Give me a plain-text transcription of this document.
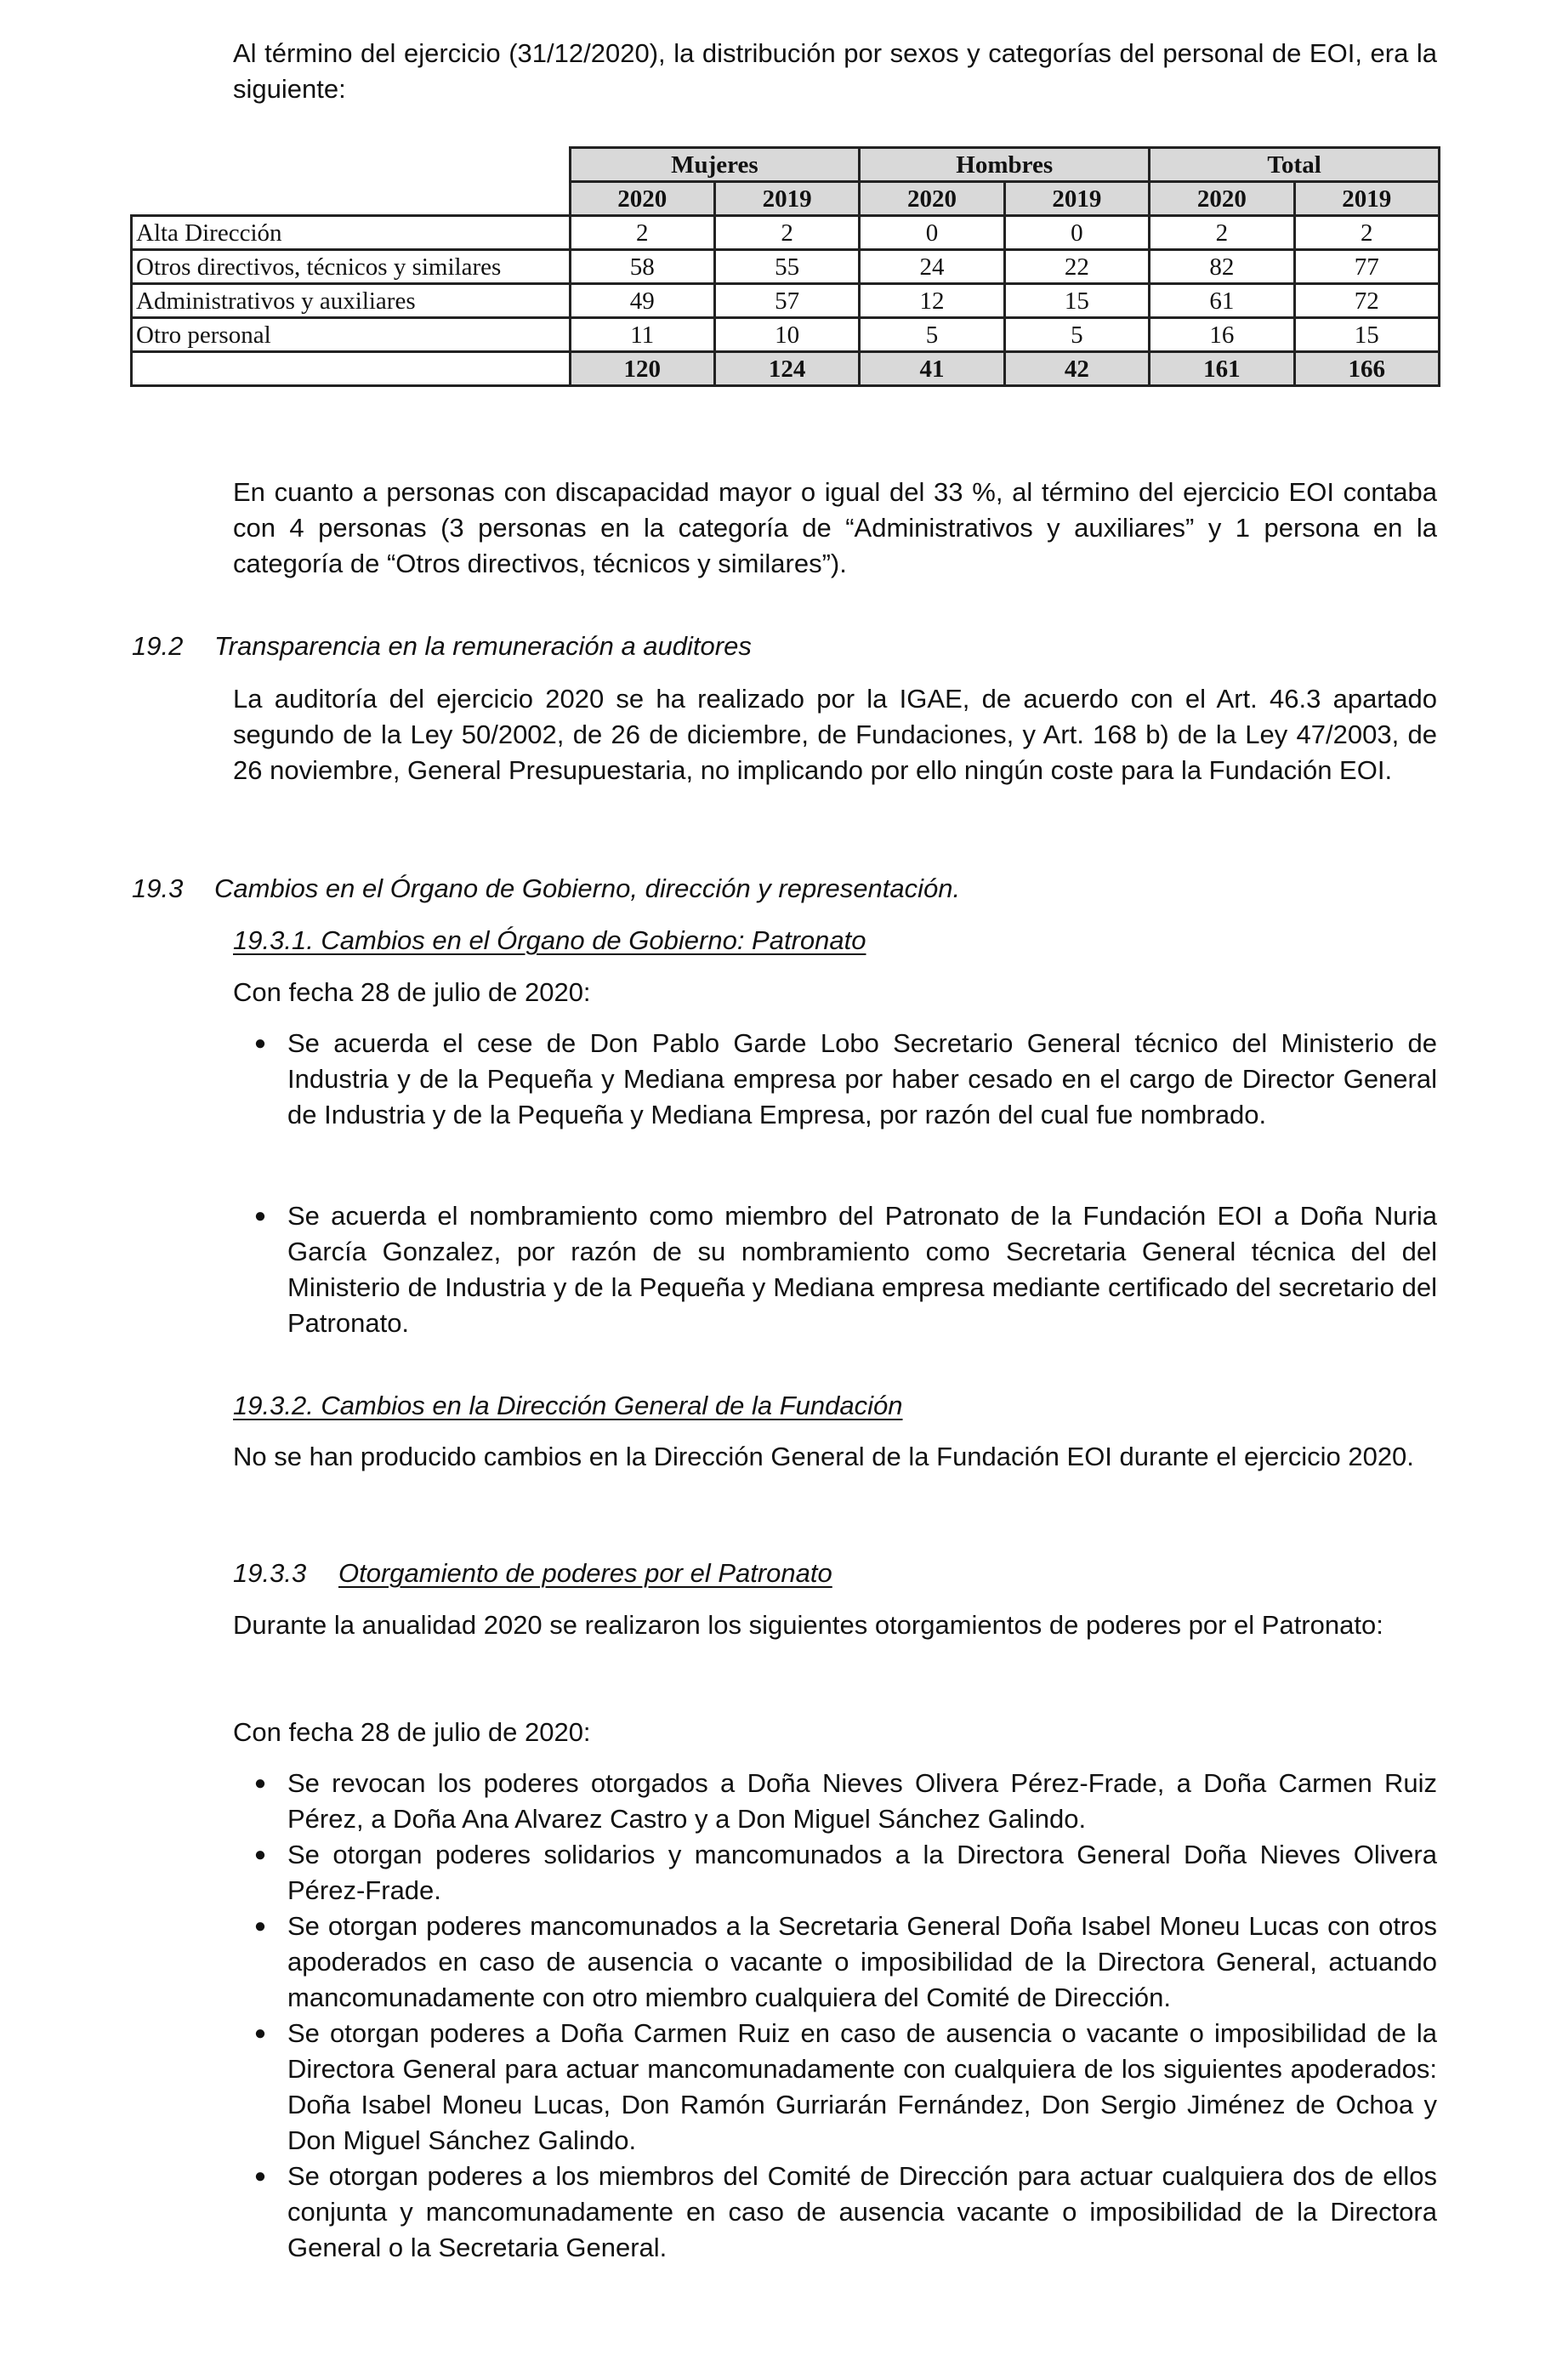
Al término del ejercicio (31/12/2020), la distribución por sexos y categorías del personal de EOI, era la siguiente:

	Mujeres		Hombres		Total	
	2020	2019	2020	2019	2020	2019
Alta Dirección	2	2	0	0	2	2
Otros directivos, técnicos y similares	58	55	24	22	82	77
Administrativos y auxiliares	49	57	12	15	61	72
Otro personal	11	10	5	5	16	15
	120	124	41	42	161	166

En cuanto a personas con discapacidad mayor o igual del 33 %, al término del ejercicio EOI contaba con 4 personas (3 personas en la categoría de “Administrativos y auxiliares” y 1 persona en la categoría de “Otros directivos, técnicos y similares”).

19.2 Transparencia en la remuneración a auditores

La auditoría del ejercicio 2020 se ha realizado por la IGAE, de acuerdo con el Art. 46.3 apartado segundo de la Ley 50/2002, de 26 de diciembre, de Fundaciones, y Art. 168 b) de la Ley 47/2003, de 26 noviembre, General Presupuestaria, no implicando por ello ningún coste para la Fundación EOI.

19.3 Cambios en el Órgano de Gobierno, dirección y representación.

19.3.1. Cambios en el Órgano de Gobierno: Patronato

Con fecha 28 de julio de 2020:

● Se acuerda el cese de Don Pablo Garde Lobo Secretario General técnico del Ministerio de Industria y de la Pequeña y Mediana empresa por haber cesado en el cargo de Director General de Industria y de la Pequeña y Mediana Empresa, por razón del cual fue nombrado.
● Se acuerda el nombramiento como miembro del Patronato de la Fundación EOI a Doña Nuria García Gonzalez, por razón de su nombramiento como Secretaria General técnica del del Ministerio de Industria y de la Pequeña y Mediana empresa mediante certificado del secretario del Patronato.

19.3.2. Cambios en la Dirección General de la Fundación

No se han producido cambios en la Dirección General de la Fundación EOI durante el ejercicio 2020.

19.3.3 Otorgamiento de poderes por el Patronato

Durante la anualidad 2020 se realizaron los siguientes otorgamientos de poderes por el Patronato:

Con fecha 28 de julio de 2020:

● Se revocan los poderes otorgados a Doña Nieves Olivera Pérez-Frade, a Doña Carmen Ruiz Pérez, a Doña Ana Alvarez Castro y a Don Miguel Sánchez Galindo.
● Se otorgan poderes solidarios y mancomunados a la Directora General Doña Nieves Olivera Pérez-Frade.
● Se otorgan poderes mancomunados a la Secretaria General Doña Isabel Moneu Lucas con otros apoderados en caso de ausencia o vacante o imposibilidad de la Directora General, actuando mancomunadamente con otro miembro cualquiera del Comité de Dirección.
● Se otorgan poderes a Doña Carmen Ruiz en caso de ausencia o vacante o imposibilidad de la Directora General para actuar mancomunadamente con cualquiera de los siguientes apoderados: Doña Isabel Moneu Lucas, Don Ramón Gurriarán Fernández, Don Sergio Jiménez de Ochoa y Don Miguel Sánchez Galindo.
● Se otorgan poderes a los miembros del Comité de Dirección para actuar cualquiera dos de ellos conjunta y mancomunadamente en caso de ausencia vacante o imposibilidad de la Directora General o la Secretaria General.
